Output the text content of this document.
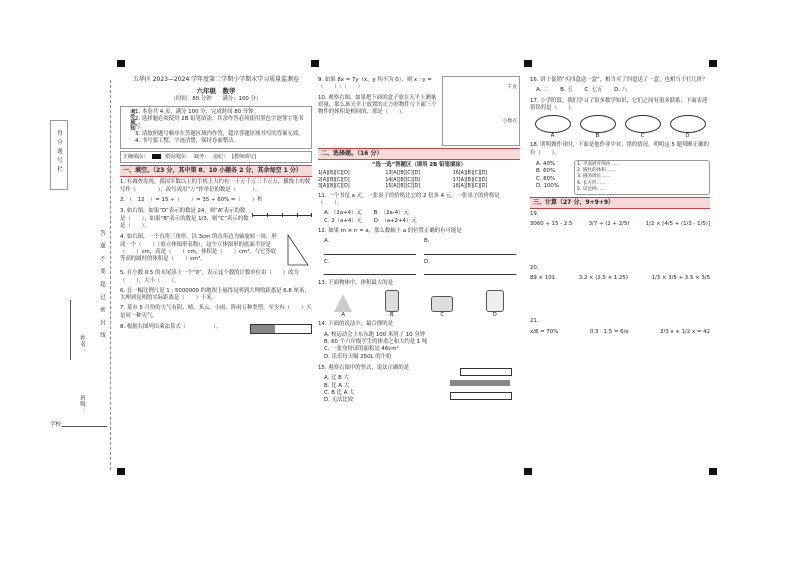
得 分 题 号 栏
答　题　不　要　超　过　密　封　线
姓名：
班级：
学校：
五华区 2023—2024 学年度第二学期小学期末学习质量监测卷
六年级　数学
（时间：80 分钟　　满分：100 分）
考生须知 1. 本卷共 4 页，满分 100 分，完成时间 80 分钟。
2. 选择题必须使用 2B 铅笔填涂；其余作答必须使用黑色字迹签字笔书写。
3. 请按照题号顺序在答题区域内作答，超出答题区域书写的答案无效。
4. 书写要工整、字迹清楚，保持卷面整洁。
正确填涂：	错误填涂： 缺考： 违纪： [教师填写]
一、填空。（23 分，其中第 8、10 小题各 2 分，其余每空 1 分）
1. 有调查发现，我国半数以上的手机上大约有一千万千万三千万万，横线上的数写作（　　　　），改写成用“万”作单位的数是（　　　）。
2. （　12　）= 15 ÷（　　）= 35 ÷ 60% =（　　）折
3. 如右图，如果“D”表示的数是 24，则“A”表示的数是（　　）；如果“B”表示的数是 1/3，则“C”表示的数是（　　）。
4. 如右图，一个直角三角形，以 3cm 的直角边为轴旋转一周，形成一个（　　）（填立体图形名称），这个立体图形的底面半径是（　　）cm，高是（　　）cm，体积是（　　）cm³，与它等底等高的圆柱的体积是（　　）cm³。
5. 在小数 0.5 的末尾添上一个“0”，表示这个数的计数单位由（　　）改为（　　），大小（　　）。
6. 在一幅比例尺是 1 : 5000000 的地图上量得昆明到大理的距离是 6.8 厘米，大理到昆明的实际距离是（　　）千米。
7. 某市 5 月份的天气有阴、晴、多云、小雨、阵雨五种类型。至少有（　　）天是同一种天气。
8. 根据右图列出乘法算式（　　　　　）。
9. 如果 8x = 7y（x，y 均不为 0），则 x : y =（　　）:（　　）
10. 观察右图，如果把下面的盒子放在天平上测量质量，那么该天平上放置的正方形物件与下面三个物件的体积是相同的，那是（　　）。
千克
小数点
二、选择题。（16 分）
“选一选”答题区（请用 2B 铅笔填涂）
1[A][B][C][D]	13[A][B][C][D]	16[A][B][C][D]
2[A][B][C][D]	14[A][B][C][D]	17[A][B][C][D]
3[A][B][C][D]	15[A][B][C][D]	18[A][B][C][D]
11. 一个书包 a 元，一张桌子的价格比它的 2 倍多 4 元，一张桌子的价格是（　　）。
A. （2a+4）元 B. （2a-4）元
C. 2（a+4）元 D. （a+2+4）元
12. 如果 m × n = a，那么数轴上 a 的位置正确的有可能是
A.	B.
C.	D.
13. 下面物体中，体积最大的是
A	B	C	D
14. 下面的说法中，最合理的是
A. 校运动会上东东跑 100 米用了 10 分钟
B. 60 个六年级学生的体重之和大约是 1 吨
C. 一张身份证的面积是 46cm²
D. 乐乐每天喝 250L 的牛奶
15. 观察右图中的竖式，说法正确的是
A. 比 B 大
B. 比 A 大
C. B 比 A 大
D. 无法比较
16. 饼干促销“买四盒送一盒”，相当买了四盒送了一盒，也相当于打几折？
A. 二 B. 五 C. 七五 D. 八
17. 小学阶段，我们学习了很多数学知识，它们之间有很多联系，下面表述错误的是（　　）。
A	B	C	D
18. 明明做作业时，下面是他作业中对、错的情况，明明这 5 题判断正确的有（　　）。
A. 40%
B. 60%
C. 80%
D. 100%
1. 平面展开图中……
2. 圆柱的体积……
3. 圆的周长……
4. 长方形……
5. 反比例……
三、计算（27 分，9+9+9）
19.
3060 ÷ 15 - 2.5	3/7 ÷ (2 + 2/5)	1/2 × [4/5 + (1/3 - 1/5)]
20.
89 × 101	3.2 × (2.5 × 1.25)	1/3 × 3/5 + 3.5 × 3/5
21.
x/8 = 70%	0.3 : 1.5 = 6/x	2/3 x + 1/2 x = 42
